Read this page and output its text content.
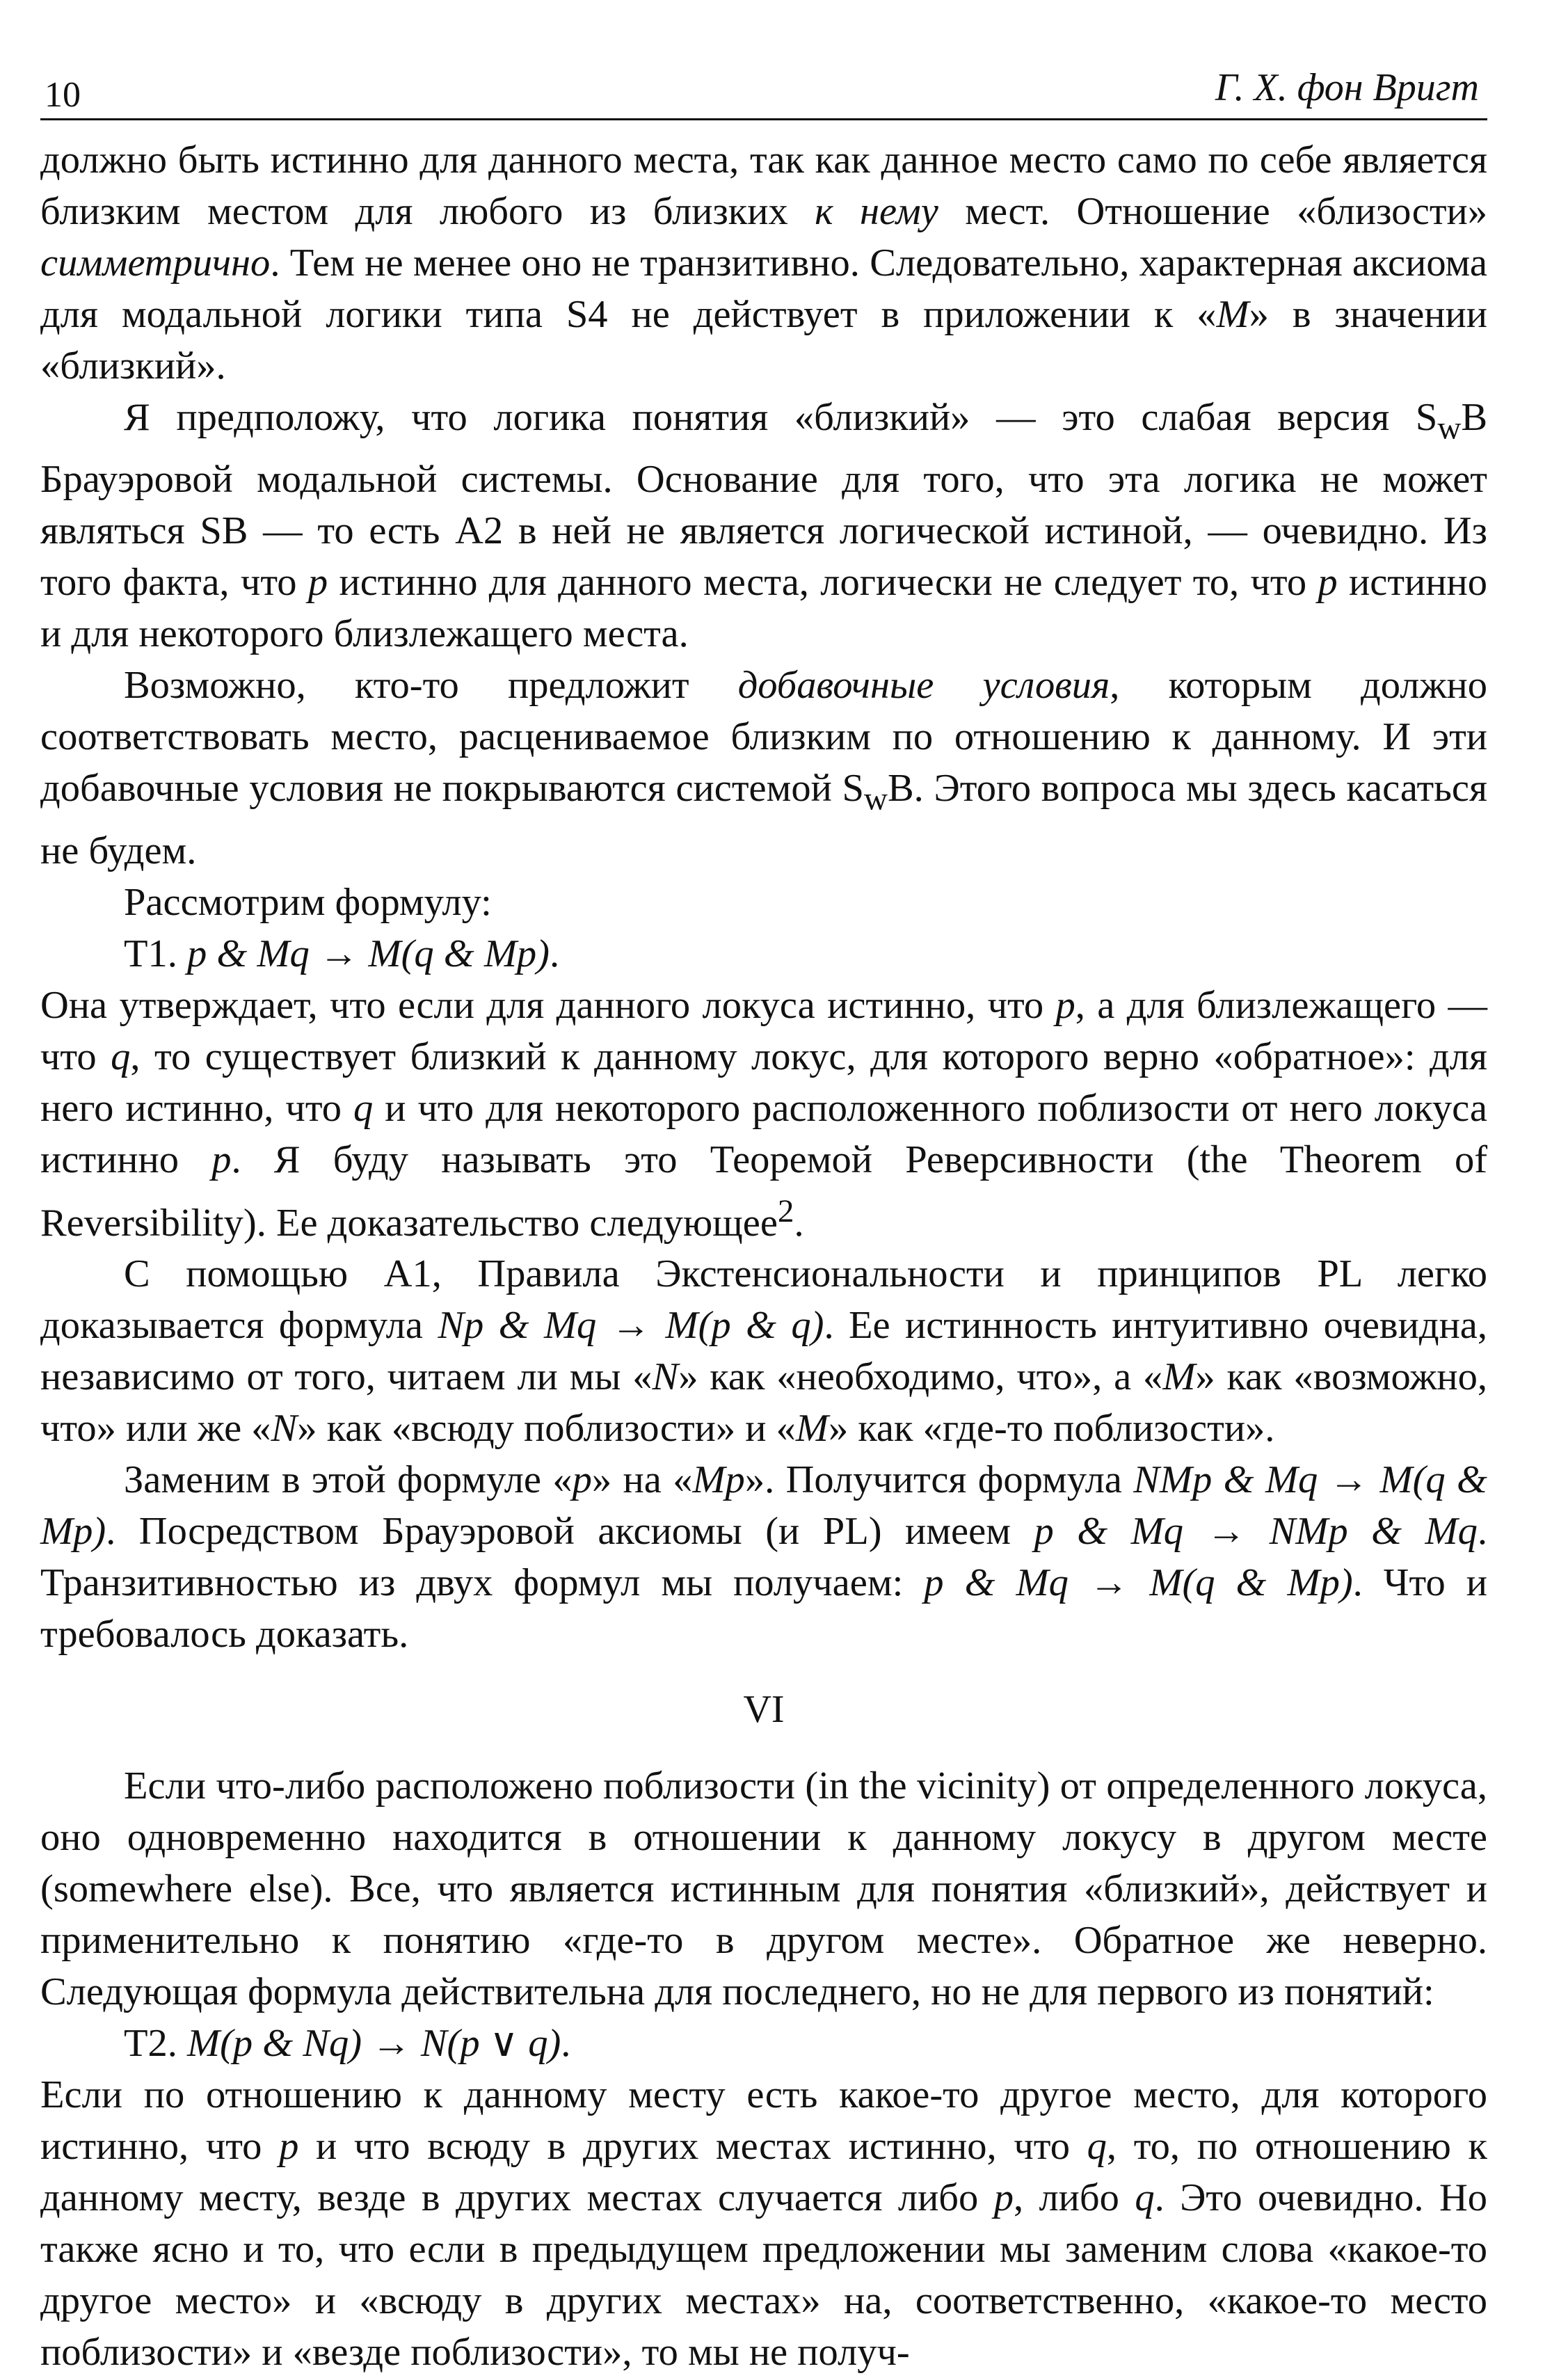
10	Г. Х. фон Вригт

должно быть истинно для данного места, так как данное место само по себе является близким местом для любого из близких к нему мест. Отношение «близости» симметрично. Тем не менее оно не транзитивно. Следовательно, характерная аксиома для модальной логики типа S4 не действует в приложении к «M» в значении «близкий».

Я предположу, что логика понятия «близкий» — это слабая версия $S_wB$ Брауэровой модальной системы. Основание для того, что эта логика не может являться SB — то есть A2 в ней не является логической истиной, — очевидно. Из того факта, что p истинно для данного места, логически не следует то, что p истинно и для некоторого близлежащего места.

Возможно, кто-то предложит добавочные условия, которым должно соответствовать место, расцениваемое близким по отношению к данному. И эти добавочные условия не покрываются системой $S_wB$. Этого вопроса мы здесь касаться не будем.

Рассмотрим формулу:

T1. p & Mq → M(q & Mp).

Она утверждает, что если для данного локуса истинно, что p, а для близлежащего — что q, то существует близкий к данному локус, для которого верно «обратное»: для него истинно, что q и что для некоторого расположенного поблизости от него локуса истинно p. Я буду называть это Теоремой Реверсивности (the Theorem of Reversibility). Ее доказательство следующее$^2$.

С помощью A1, Правила Экстенсиональности и принципов PL легко доказывается формула Np & Mq → M(p & q). Ее истинность интуитивно очевидна, независимо от того, читаем ли мы «N» как «необходимо, что», а «M» как «возможно, что» или же «N» как «всюду поблизости» и «M» как «где-то поблизости».

Заменим в этой формуле «p» на «Mp». Получится формула NMp & Mq → M(q & Mp). Посредством Брауэровой аксиомы (и PL) имеем p & Mq → NMp & Mq. Транзитивностью из двух формул мы получаем: p & Mq → M(q & Mp). Что и требовалось доказать.

VI

Если что-либо расположено поблизости (in the vicinity) от определенного локуса, оно одновременно находится в отношении к данному локусу в другом месте (somewhere else). Все, что является истинным для понятия «близкий», действует и применительно к понятию «где-то в другом месте». Обратное же неверно. Следующая формула действительна для последнего, но не для первого из понятий:

T2. M(p & Nq) → N(p ∨ q).

Если по отношению к данному месту есть какое-то другое место, для которого истинно, что p и что всюду в других местах истинно, что q, то, по отношению к данному месту, везде в других местах случается либо p, либо q. Это очевидно. Но также ясно и то, что если в предыдущем предложении мы заменим слова «какое-то другое место» и «всюду в других местах» на, соответственно, «какое-то место поблизости» и «везде поблизости», то мы не получ-
